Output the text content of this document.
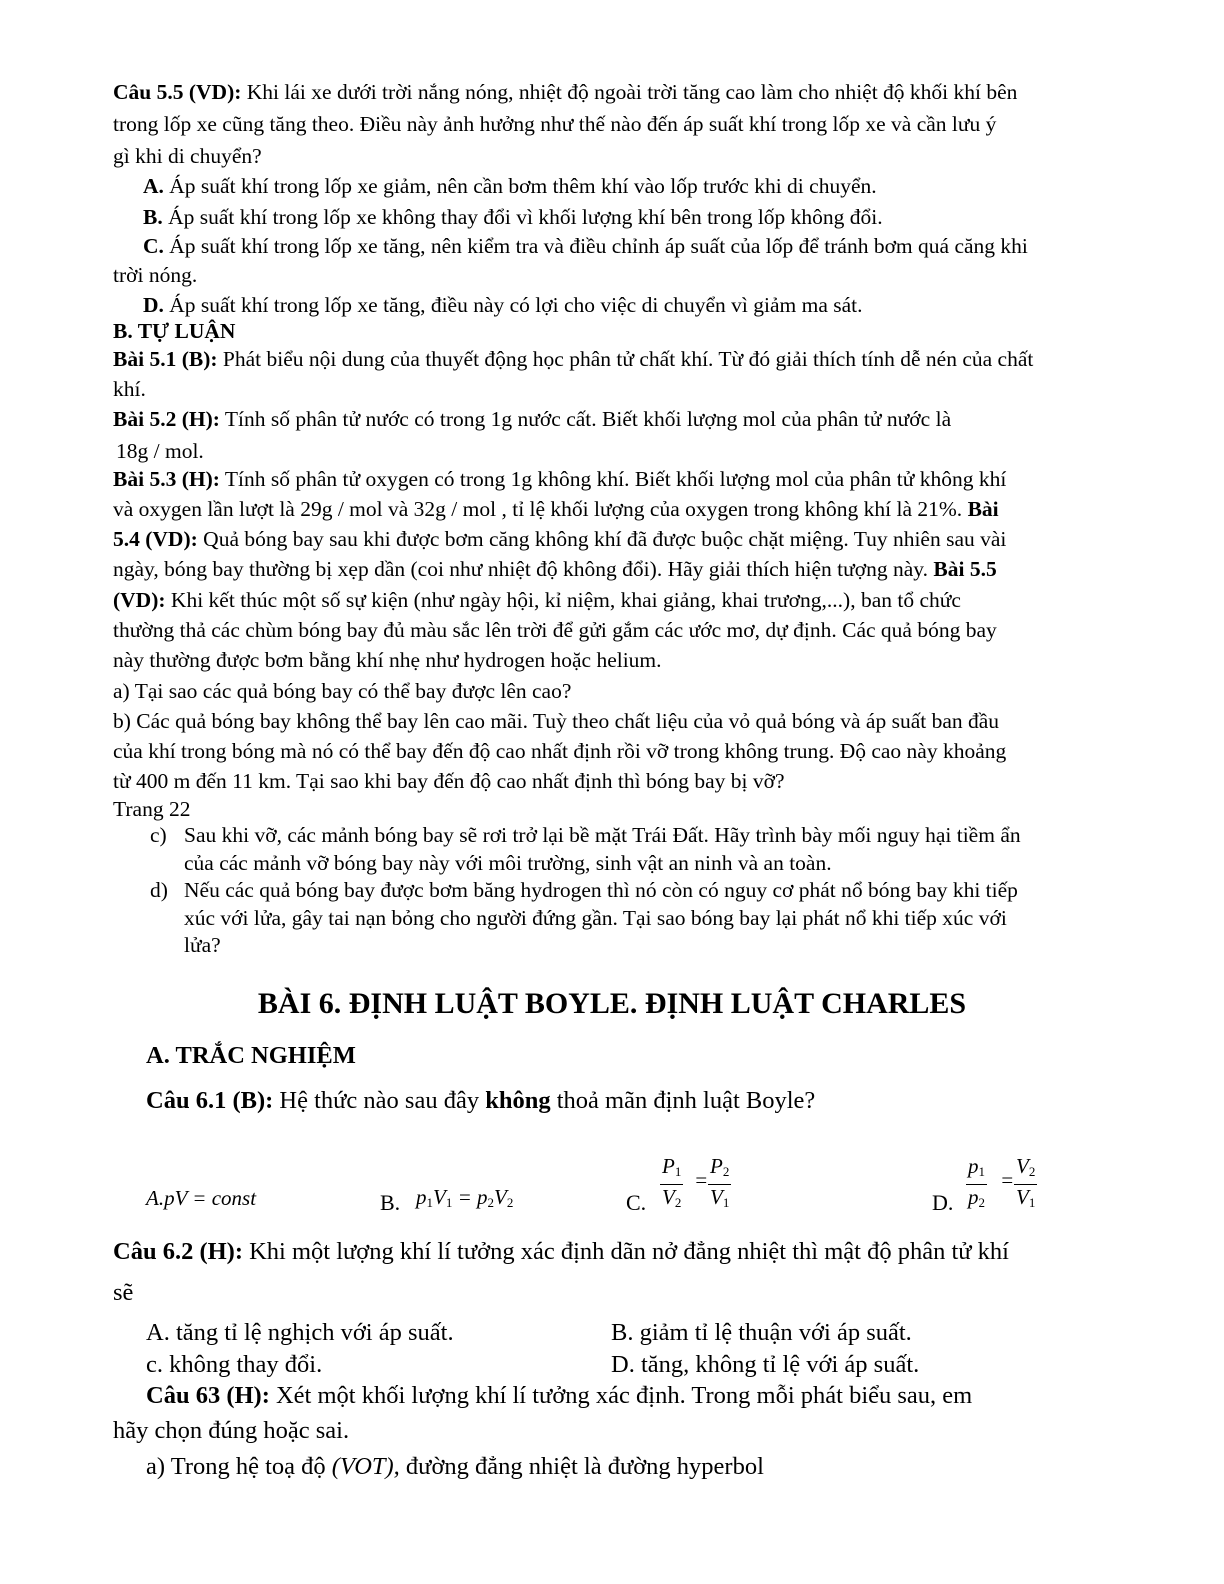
Câu 5.5 (VD): Khi lái xe dưới trời nắng nóng, nhiệt độ ngoài trời tăng cao làm cho nhiệt độ khối khí bên
trong lốp xe cũng tăng theo. Điều này ảnh hưởng như thế nào đến áp suất khí trong lốp xe và cần lưu ý
gì khi di chuyển?
A. Áp suất khí trong lốp xe giảm, nên cần bơm thêm khí vào lốp trước khi di chuyển.
B. Áp suất khí trong lốp xe không thay đổi vì khối lượng khí bên trong lốp không đổi.
C. Áp suất khí trong lốp xe tăng, nên kiểm tra và điều chỉnh áp suất của lốp để tránh bơm quá căng khi
trời nóng.
D. Áp suất khí trong lốp xe tăng, điều này có lợi cho việc di chuyển vì giảm ma sát.
B. TỰ LUẬN
Bài 5.1 (B): Phát biểu nội dung của thuyết động học phân tử chất khí. Từ đó giải thích tính dễ nén của chất
khí.
Bài 5.2 (H): Tính số phân tử nước có trong 1g nước cất. Biết khối lượng mol của phân tử nước là
18g / mol.
Bài 5.3 (H): Tính số phân tử oxygen có trong 1g không khí. Biết khối lượng mol của phân tử không khí
và oxygen lần lượt là 29g / mol và 32g / mol , tỉ lệ khối lượng của oxygen trong không khí là 21%. Bài
5.4 (VD): Quả bóng bay sau khi được bơm căng không khí đã được buộc chặt miệng. Tuy nhiên sau vài
ngày, bóng bay thường bị xẹp dần (coi như nhiệt độ không đổi). Hãy giải thích hiện tượng này. Bài 5.5
(VD): Khi kết thúc một số sự kiện (như ngày hội, kỉ niệm, khai giảng, khai trương,...), ban tổ chức
thường thả các chùm bóng bay đủ màu sắc lên trời để gửi gắm các ước mơ, dự định. Các quả bóng bay
này thường được bơm bằng khí nhẹ như hydrogen hoặc helium.
a) Tại sao các quả bóng bay có thể bay được lên cao?
b) Các quả bóng bay không thể bay lên cao mãi. Tuỳ theo chất liệu của vỏ quả bóng và áp suất ban đầu
của khí trong bóng mà nó có thể bay đến độ cao nhất định rồi vỡ trong không trung. Độ cao này khoảng
từ 400 m đến 11 km. Tại sao khi bay đến độ cao nhất định thì bóng bay bị vỡ?
Trang 22
c) Sau khi vỡ, các mảnh bóng bay sẽ rơi trở lại bề mặt Trái Đất. Hãy trình bày mối nguy hại tiềm ẩn
của các mảnh vỡ bóng bay này với môi trường, sinh vật an ninh và an toàn.
d) Nếu các quả bóng bay được bơm băng hydrogen thì nó còn có nguy cơ phát nổ bóng bay khi tiếp
xúc với lửa, gây tai nạn bỏng cho người đứng gần. Tại sao bóng bay lại phát nổ khi tiếp xúc với
lửa?
BÀI 6. ĐỊNH LUẬT BOYLE. ĐỊNH LUẬT CHARLES
A. TRẮC NGHIỆM
Câu 6.1 (B): Hệ thức nào sau đây không thoả mãn định luật Boyle?
A.pV = const	B. $p_1V_1 = p_2V_2$	C. $\frac{P_1}{V_2} = \frac{P_2}{V_1}$	D. $\frac{p_1}{p_2} = \frac{V_2}{V_1}$
Câu 6.2 (H): Khi một lượng khí lí tưởng xác định dãn nở đẳng nhiệt thì mật độ phân tử khí
sẽ
A. tăng tỉ lệ nghịch với áp suất.	B. giảm tỉ lệ thuận với áp suất.
c. không thay đổi.	D. tăng, không tỉ lệ với áp suất.
Câu 63 (H): Xét một khối lượng khí lí tưởng xác định. Trong mỗi phát biểu sau, em
hãy chọn đúng hoặc sai.
a) Trong hệ toạ độ (VOT), đường đẳng nhiệt là đường hyperbol
